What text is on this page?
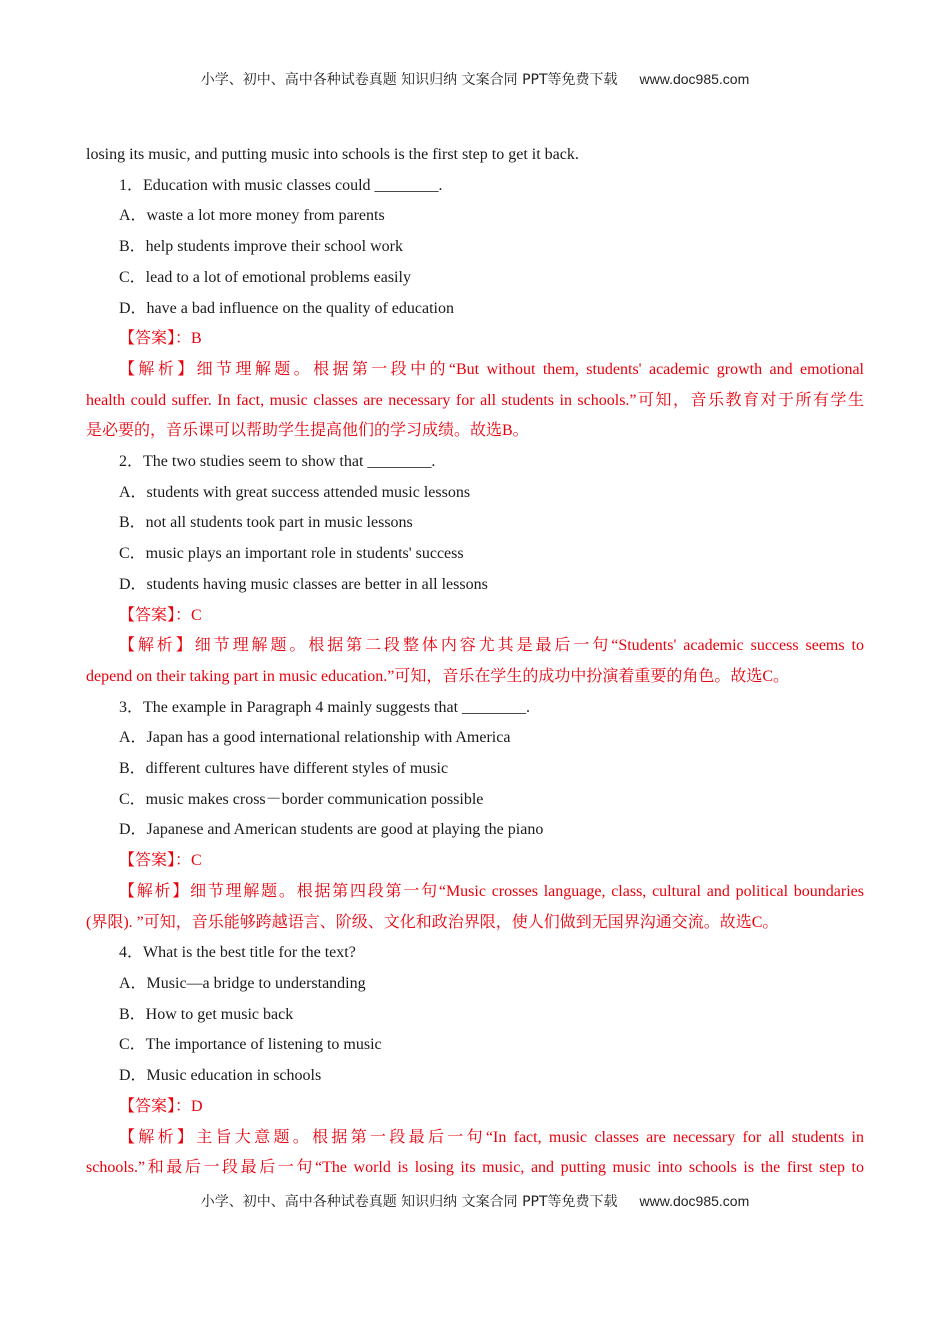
小学、初中、高中各种试卷真题 知识归纳 文案合同 PPT等免费下载 www.doc985.com
losing its music, and putting music into schools is the first step to get it back.
1．Education with music classes could ________.
A．waste a lot more money from parents
B．help students improve their school work
C．lead to a lot of emotional problems easily
D．have a bad influence on the quality of education
【答案】：B
【解析】细节理解题。根据第一段中的“But without them, students' academic growth and emotional
health could suffer. In fact, music classes are necessary for all students in schools.”可知，音乐教育对于所有学生
是必要的，音乐课可以帮助学生提高他们的学习成绩。故选B。
2．The two studies seem to show that ________.
A．students with great success attended music lessons
B．not all students took part in music lessons
C．music plays an important role in students' success
D．students having music classes are better in all lessons
【答案】：C
【解析】细节理解题。根据第二段整体内容尤其是最后一句“Students' academic success seems to
depend on their taking part in music education.”可知，音乐在学生的成功中扮演着重要的角色。故选C。
3．The example in Paragraph 4 mainly suggests that ________.
A．Japan has a good international relationship with America
B．different cultures have different styles of music
C．music makes cross－border communication possible
D．Japanese and American students are good at playing the piano
【答案】：C
【解析】细节理解题。根据第四段第一句“Music crosses language, class, cultural and political boundaries
(界限). ”可知，音乐能够跨越语言、阶级、文化和政治界限，使人们做到无国界沟通交流。故选C。
4．What is the best title for the text?
A．Music—a bridge to understanding
B．How to get music back
C．The importance of listening to music
D．Music education in schools
【答案】：D
【解析】主旨大意题。根据第一段最后一句“In fact, music classes are necessary for all students in
schools.”和最后一段最后一句“The world is losing its music, and putting music into schools is the first step to
小学、初中、高中各种试卷真题 知识归纳 文案合同 PPT等免费下载 www.doc985.com
